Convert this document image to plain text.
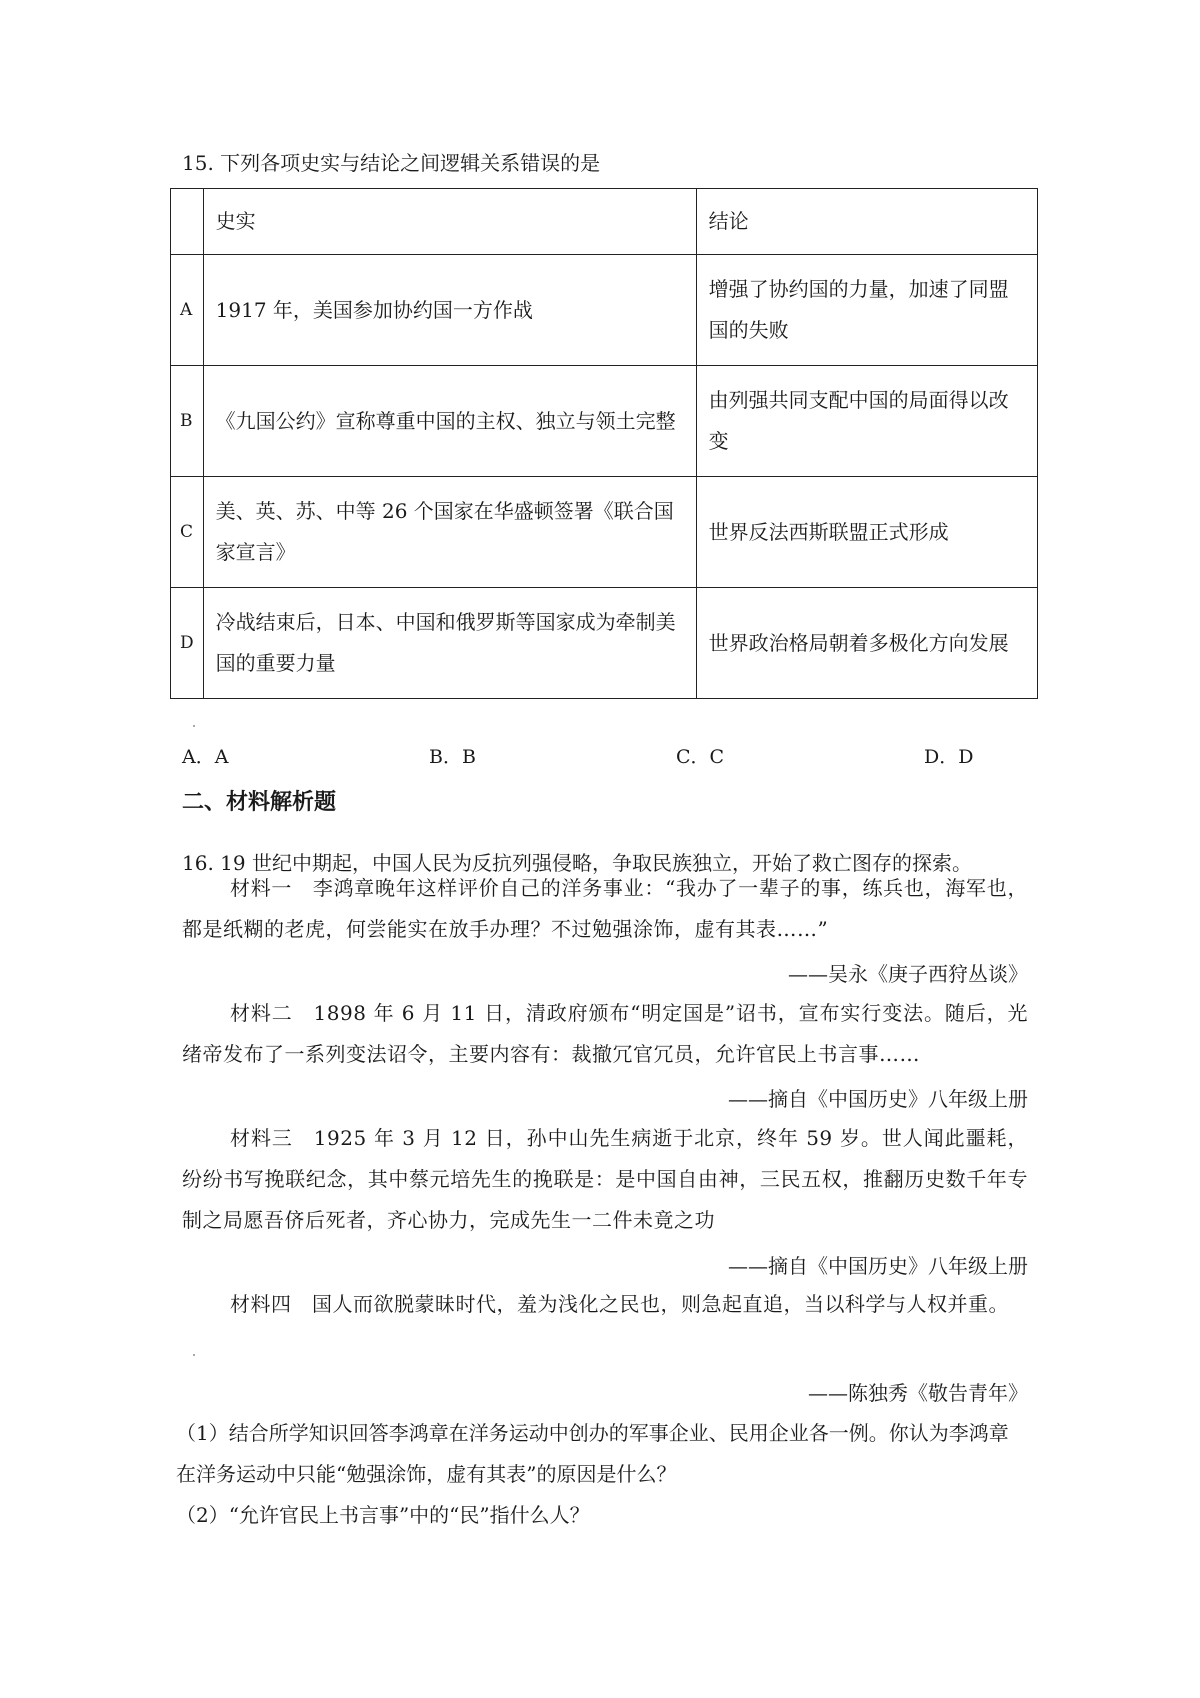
15. 下列各项史实与结论之间逻辑关系错误的是
	史实	结论
A	1917 年，美国参加协约国一方作战	增强了协约国的力量，加速了同盟国的失败
B	《九国公约》宣称尊重中国的主权、独立与领土完整	由列强共同支配中国的局面得以改变
C	美、英、苏、中等 26 个国家在华盛顿签署《联合国家宣言》	世界反法西斯联盟正式形成
D	冷战结束后，日本、中国和俄罗斯等国家成为牵制美国的重要力量	世界政治格局朝着多极化方向发展
A．A	B．B	C．C	D．D
二、材料解析题
16. 19 世纪中期起，中国人民为反抗列强侵略，争取民族独立，开始了救亡图存的探索。
材料一　李鸿章晚年这样评价自己的洋务事业：“我办了一辈子的事，练兵也，海军也，都是纸糊的老虎，何尝能实在放手办理？不过勉强涂饰，虚有其表……”
——吴永《庚子西狩丛谈》
材料二　1898 年 6 月 11 日，清政府颁布“明定国是”诏书，宣布实行变法。随后，光绪帝发布了一系列变法诏令，主要内容有：裁撤冗官冗员，允许官民上书言事……
——摘自《中国历史》八年级上册
材料三　1925 年 3 月 12 日，孙中山先生病逝于北京，终年 59 岁。世人闻此噩耗，纷纷书写挽联纪念，其中蔡元培先生的挽联是：是中国自由神，三民五权，推翻历史数千年专制之局愿吾侪后死者，齐心协力，完成先生一二件未竟之功
——摘自《中国历史》八年级上册
材料四　国人而欲脱蒙昧时代，羞为浅化之民也，则急起直追，当以科学与人权并重。
——陈独秀《敬告青年》
（1）结合所学知识回答李鸿章在洋务运动中创办的军事企业、民用企业各一例。你认为李鸿章在洋务运动中只能“勉强涂饰，虚有其表”的原因是什么？
（2）“允许官民上书言事”中的“民”指什么人？
